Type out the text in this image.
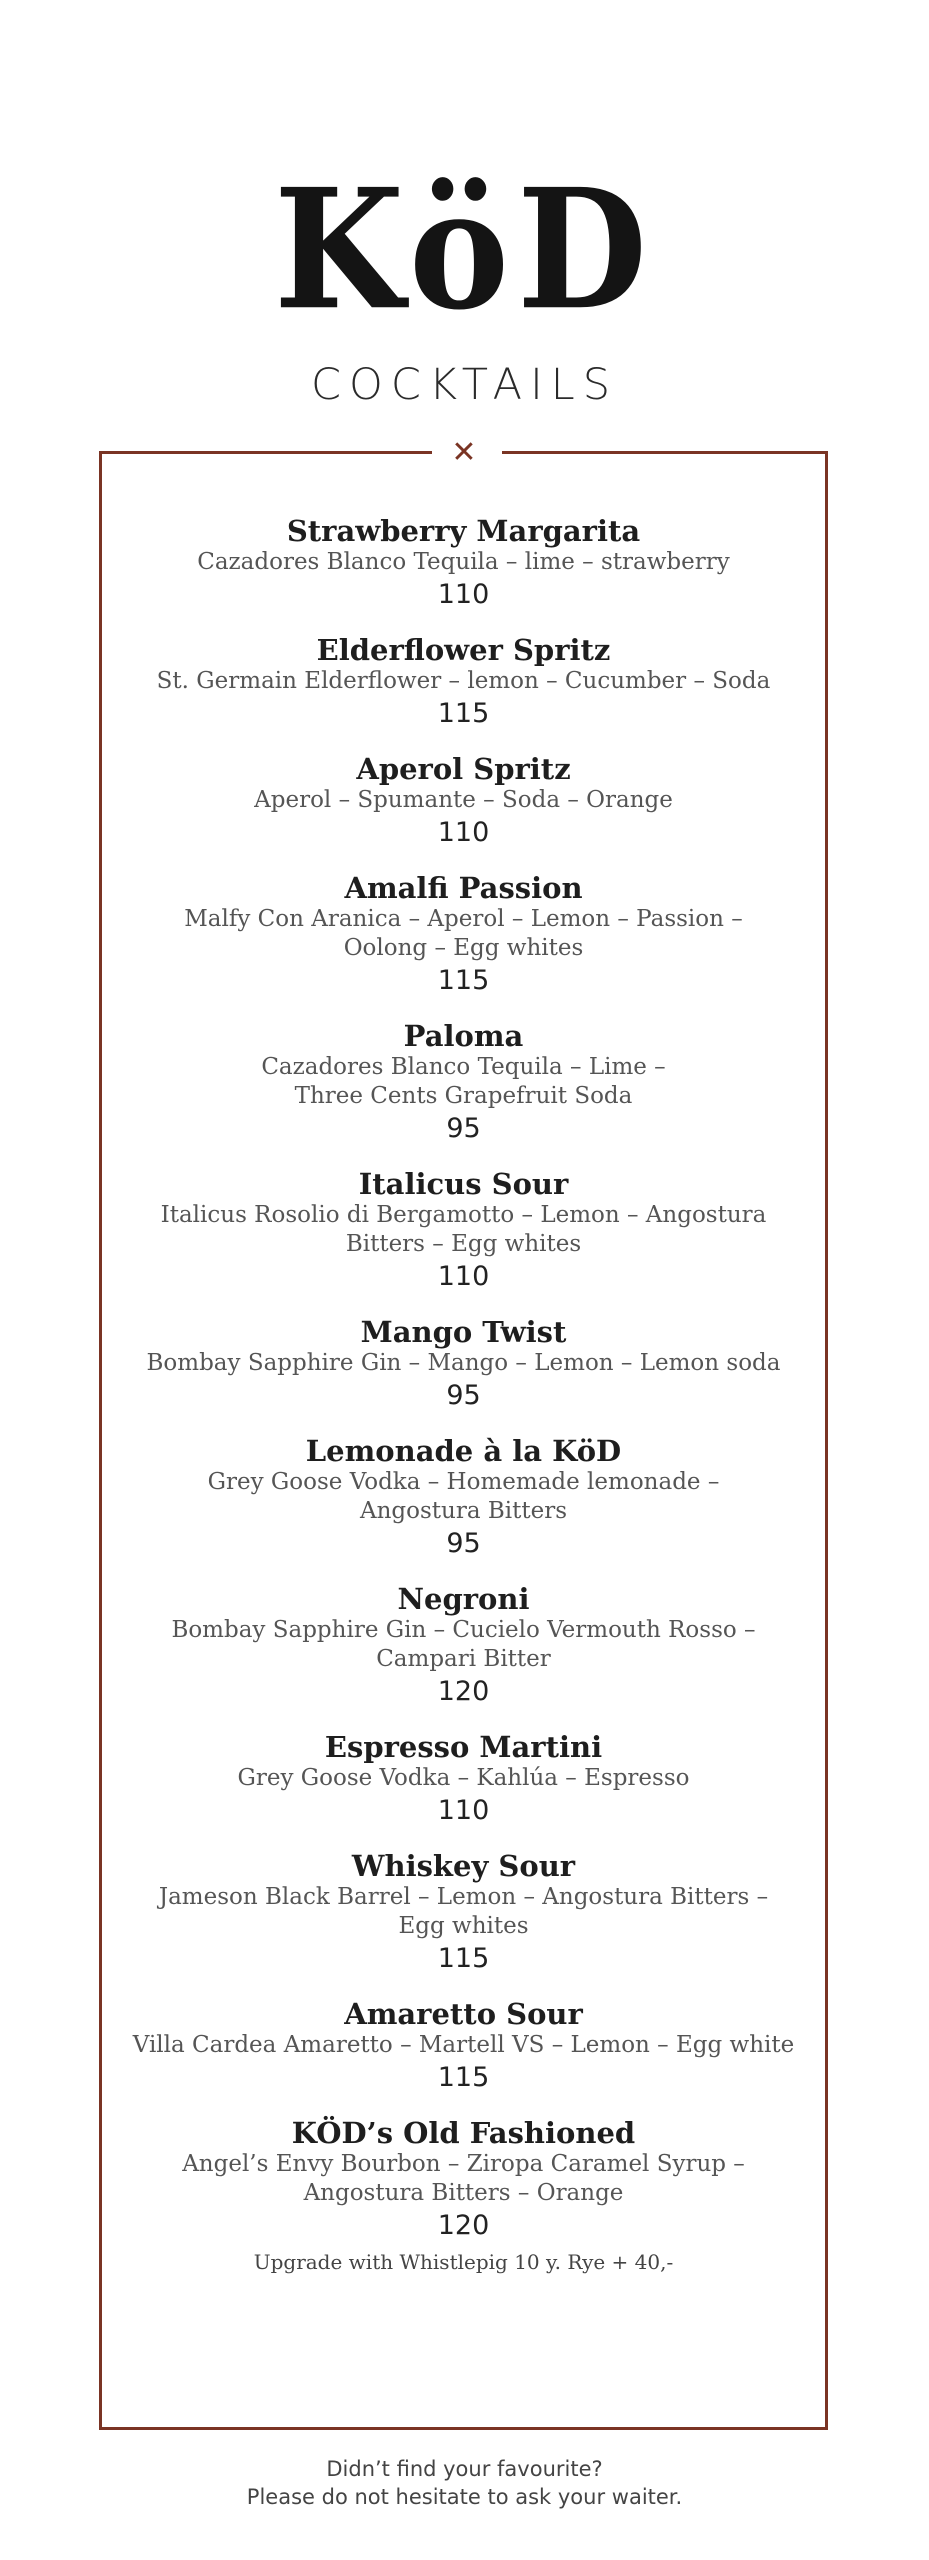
KöD
COCKTAILS
✕
Strawberry Margarita
Cazadores Blanco Tequila – lime – strawberry
110
Elderflower Spritz
St. Germain Elderflower – lemon – Cucumber – Soda
115
Aperol Spritz
Aperol – Spumante – Soda – Orange
110
Amalfi Passion
Malfy Con Aranica – Aperol – Lemon – Passion –
Oolong – Egg whites
115
Paloma
Cazadores Blanco Tequila – Lime –
Three Cents Grapefruit Soda
95
Italicus Sour
Italicus Rosolio di Bergamotto – Lemon – Angostura
Bitters – Egg whites
110
Mango Twist
Bombay Sapphire Gin – Mango – Lemon – Lemon soda
95
Lemonade à la KöD
Grey Goose Vodka – Homemade lemonade –
Angostura Bitters
95
Negroni
Bombay Sapphire Gin – Cucielo Vermouth Rosso –
Campari Bitter
120
Espresso Martini
Grey Goose Vodka – Kahlúa – Espresso
110
Whiskey Sour
Jameson Black Barrel – Lemon – Angostura Bitters –
Egg whites
115
Amaretto Sour
Villa Cardea Amaretto – Martell VS – Lemon – Egg white
115
KÖD’s Old Fashioned
Angel’s Envy Bourbon – Ziropa Caramel Syrup –
Angostura Bitters – Orange
120
Upgrade with Whistlepig 10 y. Rye + 40,-
Didn’t find your favourite?
Please do not hesitate to ask your waiter.
